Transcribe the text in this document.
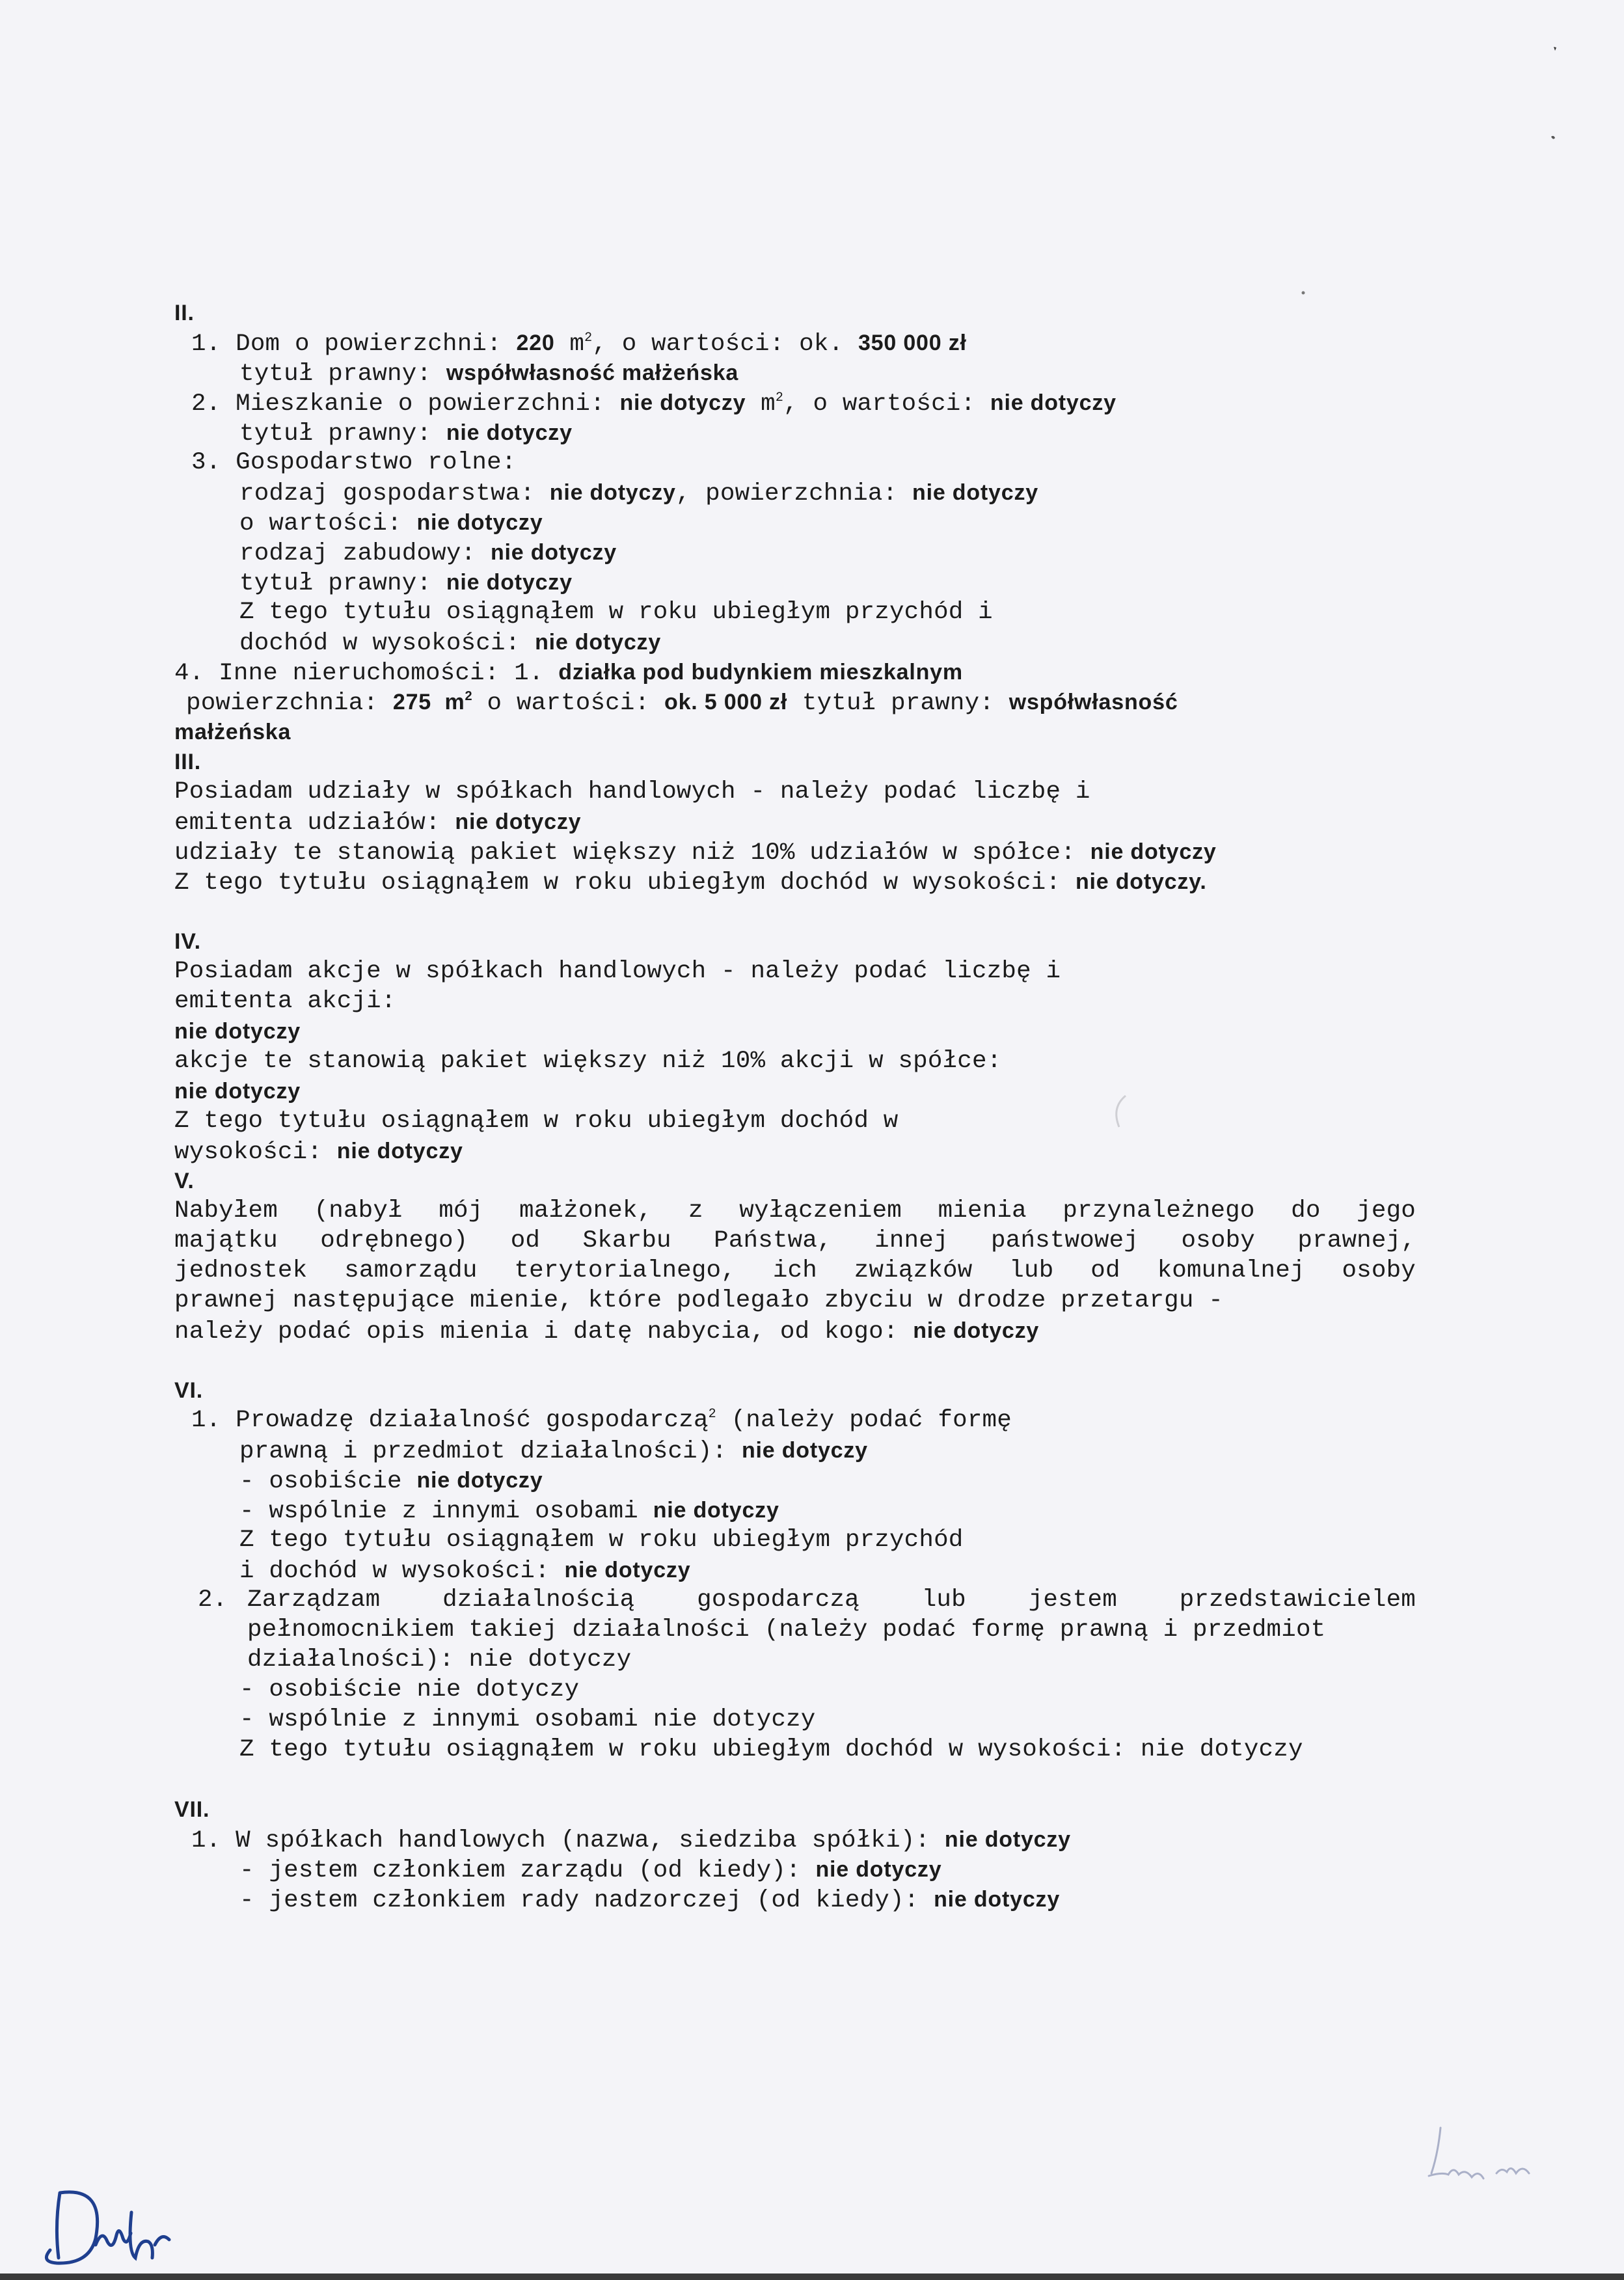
II.
1. Dom o powierzchni: 220 $m^2$, o wartości: ok. 350 000 zł
tytuł prawny: współwłasność małżeńska
2. Mieszkanie o powierzchni: nie dotyczy $m^2$, o wartości: nie dotyczy
tytuł prawny: nie dotyczy
3. Gospodarstwo rolne:
rodzaj gospodarstwa: nie dotyczy, powierzchnia: nie dotyczy
o wartości: nie dotyczy
rodzaj zabudowy: nie dotyczy
tytuł prawny: nie dotyczy
Z tego tytułu osiągnąłem w roku ubiegłym przychód i
dochód w wysokości: nie dotyczy
4. Inne nieruchomości: 1. działka pod budynkiem mieszkalnym
powierzchnia: 275  $m^2$ o wartości: ok. 5 000 zł tytuł prawny: współwłasność
małżeńska
III.
Posiadam udziały w spółkach handlowych - należy podać liczbę i
emitenta udziałów: nie dotyczy
udziały te stanowią pakiet większy niż 10% udziałów w spółce: nie dotyczy
Z tego tytułu osiągnąłem w roku ubiegłym dochód w wysokości: nie dotyczy.
IV.
Posiadam akcje w spółkach handlowych - należy podać liczbę i
emitenta akcji:
nie dotyczy
akcje te stanowią pakiet większy niż 10% akcji w spółce:
nie dotyczy
Z tego tytułu osiągnąłem w roku ubiegłym dochód w
wysokości: nie dotyczy
V.
Nabyłem (nabył mój małżonek, z wyłączeniem mienia przynależnego do jego
majątku odrębnego) od Skarbu Państwa, innej państwowej osoby prawnej,
jednostek samorządu terytorialnego, ich związków lub od komunalnej osoby
prawnej następujące mienie, które podlegało zbyciu w drodze przetargu -
należy podać opis mienia i datę nabycia, od kogo: nie dotyczy
VI.
1. Prowadzę działalność gospodarczą$^2$ (należy podać formę
prawną i przedmiot działalności): nie dotyczy
- osobiście nie dotyczy
- wspólnie z innymi osobami nie dotyczy
Z tego tytułu osiągnąłem w roku ubiegłym przychód
i dochód w wysokości: nie dotyczy
2. Zarządzam działalnością gospodarczą lub jestem przedstawicielem
pełnomocnikiem takiej działalności (należy podać formę prawną i przedmiot
działalności): nie dotyczy
- osobiście nie dotyczy
- wspólnie z innymi osobami nie dotyczy
Z tego tytułu osiągnąłem w roku ubiegłym dochód w wysokości: nie dotyczy
VII.
1. W spółkach handlowych (nazwa, siedziba spółki): nie dotyczy
- jestem członkiem zarządu (od kiedy): nie dotyczy
- jestem członkiem rady nadzorczej (od kiedy): nie dotyczy
